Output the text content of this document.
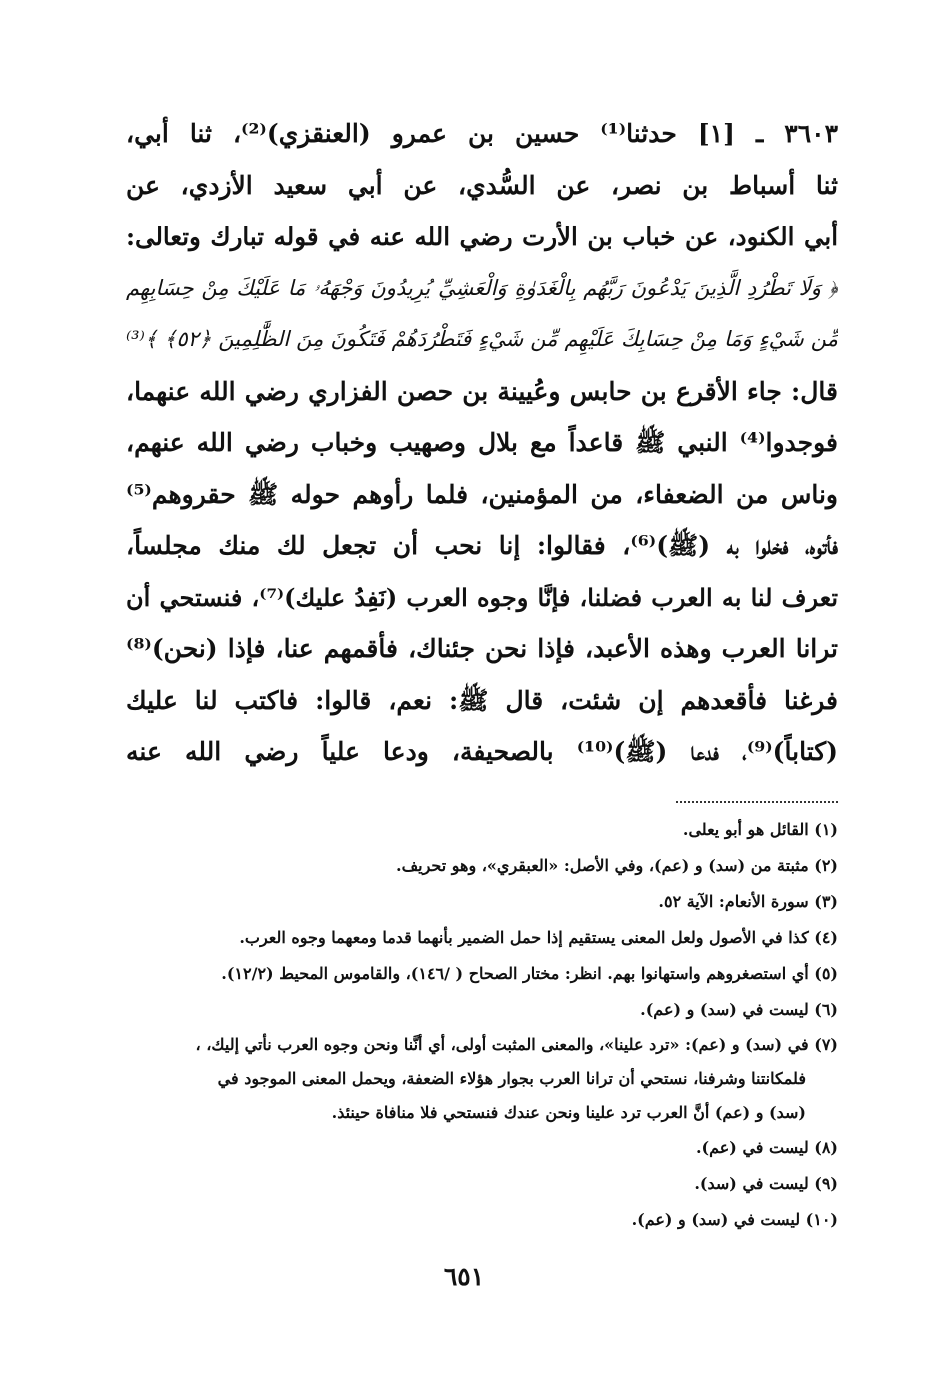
٣٦٠٣ ـ [١] حدثنا⁽¹⁾ حسين بن عمرو (العنقزي)⁽²⁾، ثنا أبي،
ثنا أسباط بن نصر، عن السُّدي، عن أبي سعيد الأزدي، عن
أبي الكنود، عن خباب بن الأرت رضي الله عنه في قوله تبارك وتعالى:
﴿ وَلَا تَطْرُدِ الَّذِينَ يَدْعُونَ رَبَّهُم بِالْغَدَوٰةِ وَالْعَشِيِّ يُرِيدُونَ وَجْهَهُۥ مَا عَلَيْكَ مِنْ حِسَابِهِم
مِّن شَيْءٍ وَمَا مِنْ حِسَابِكَ عَلَيْهِم مِّن شَيْءٍ فَتَطْرُدَهُمْ فَتَكُونَ مِنَ الظَّٰلِمِينَ ﴿٥٢﴾ ﴾⁽³⁾
قال: جاء الأقرع بن حابس وعُيينة بن حصن الفزاري رضي الله عنهما،
فوجدوا⁽⁴⁾ النبي ﷺ قاعداً مع بلال وصهيب وخباب رضي الله عنهم،
وناس من الضعفاء، من المؤمنين، فلما رأوهم حوله ﷺ حقروهم⁽⁵⁾
فأتوه، فخلوا به (ﷺ)⁽⁶⁾، فقالوا: إنا نحب أن تجعل لك منك مجلساً،
تعرف لنا به العرب فضلنا، فإنَّا وجوه العرب (نَفِدُ عليك)⁽⁷⁾، فنستحي أن
ترانا العرب وهذه الأعبد، فإذا نحن جئناك، فأقمهم عنا، فإذا (نحن)⁽⁸⁾
فرغنا فأقعدهم إن شئت، قال ﷺ: نعم، قالوا: فاكتب لنا عليك
(كتاباً)⁽⁹⁾، فدعا (ﷺ)⁽¹⁰⁾ بالصحيفة، ودعا علياً رضي الله عنه
(١) القائل هو أبو يعلى.
(٢) مثبتة من (سد) و (عم)، وفي الأصل: «العبقري»، وهو تحريف.
(٣) سورة الأنعام: الآية ٥٢.
(٤) كذا في الأصول ولعل المعنى يستقيم إذا حمل الضمير بأنهما قدما ومعهما وجوه العرب.
(٥) أي استصغروهم واستهانوا بهم. انظر: مختار الصحاح ( /١٤٦)، والقاموس المحيط (١٢/٢).
(٦) ليست في (سد) و (عم).
(٧) في (سد) و (عم): «ترد علينا»، والمعنى المثبت أولى، أي أنَّنا ونحن وجوه العرب نأتي إليك، ،
فلمكانتنا وشرفنا، نستحي أن ترانا العرب بجوار هؤلاء الضعفة، ويحمل المعنى الموجود في
(سد) و (عم) أنَّ العرب ترد علينا ونحن عندك فنستحي فلا منافاة حينئذ.
(٨) ليست في (عم).
(٩) ليست في (سد).
(١٠) ليست في (سد) و (عم).
٦٥١
